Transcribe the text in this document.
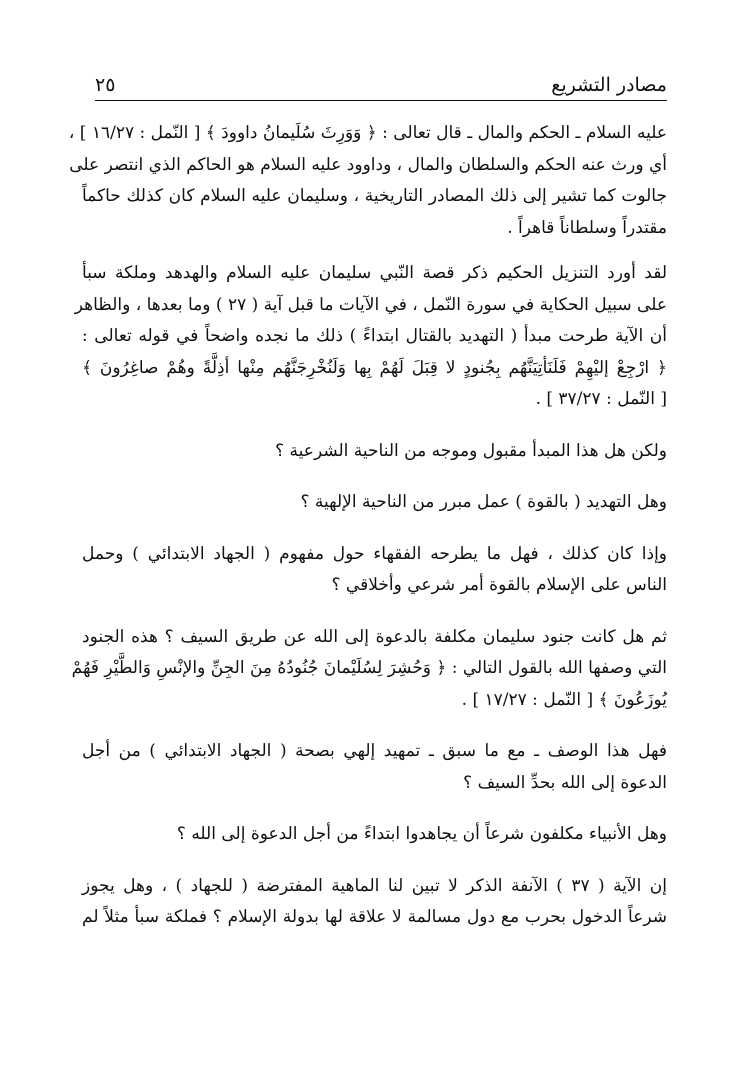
مصادر التشريع
٢٥
عليه السلام ـ الحكم والمال ـ قال تعالى : ﴿ وَوَرِثَ سُلَيمانُ داوودَ ﴾ [ النّمل : ١٦/٢٧ ] ،
أي ورث عنه الحكم والسلطان والمال ، وداوود عليه السلام هو الحاكم الذي انتصر على
جالوت كما تشير إلى ذلك المصادر التاريخية ، وسليمان عليه السلام كان كذلك حاكماً
مقتدراً وسلطاناً قاهراً .
لقد أورد التنزيل الحكيم ذكر قصة النّبي سليمان عليه السلام والهدهد وملكة سبأ
على سبيل الحكاية في سورة النّمل ، في الآيات ما قبل آية ( ٢٧ ) وما بعدها ، والظاهر
أن الآية طرحت مبدأ ( التهديد بالقتال ابتداءً ) ذلك ما نجده واضحاً في قوله تعالى :
﴿ ارْجِعْ إليْهِمْ فَلَنَأتِيَنَّهُم بِجُنودٍ لا قِبَلَ لَهُمْ بِها وَلَنُخْرِجَنَّهُم مِنْها أذِلَّةً وهُمْ صاغِرُونَ ﴾
[ النّمل : ٣٧/٢٧ ] .
ولكن هل هذا المبدأ مقبول وموجه من الناحية الشرعية ؟
وهل التهديد ( بالقوة ) عمل مبرر من الناحية الإلهية ؟
وإذا كان كذلك ، فهل ما يطرحه الفقهاء حول مفهوم ( الجهاد الابتدائي ) وحمل
الناس على الإسلام بالقوة أمر شرعي وأخلاقي ؟
ثم هل كانت جنود سليمان مكلفة بالدعوة إلى الله عن طريق السيف ؟ هذه الجنود
التي وصفها الله بالقول التالي : ﴿ وَحُشِرَ لِسُلَيْمانَ جُنُودُهُ مِنَ الجِنِّ والإنْسِ وَالطَّيْرِ فَهُمْ
يُوزَعُونَ ﴾ [ النّمل : ١٧/٢٧ ] .
فهل هذا الوصف ـ مع ما سبق ـ تمهيد إلهي بصحة ( الجهاد الابتدائي ) من أجل
الدعوة إلى الله بحدِّ السيف ؟
وهل الأنبياء مكلفون شرعاً أن يجاهدوا ابتداءً من أجل الدعوة إلى الله ؟
إن الآية ( ٣٧ ) الآنفة الذكر لا تبين لنا الماهية المفترضة ( للجهاد ) ، وهل يجوز
شرعاً الدخول بحرب مع دول مسالمة لا علاقة لها بدولة الإسلام ؟ فملكة سبأ مثلاً لم
